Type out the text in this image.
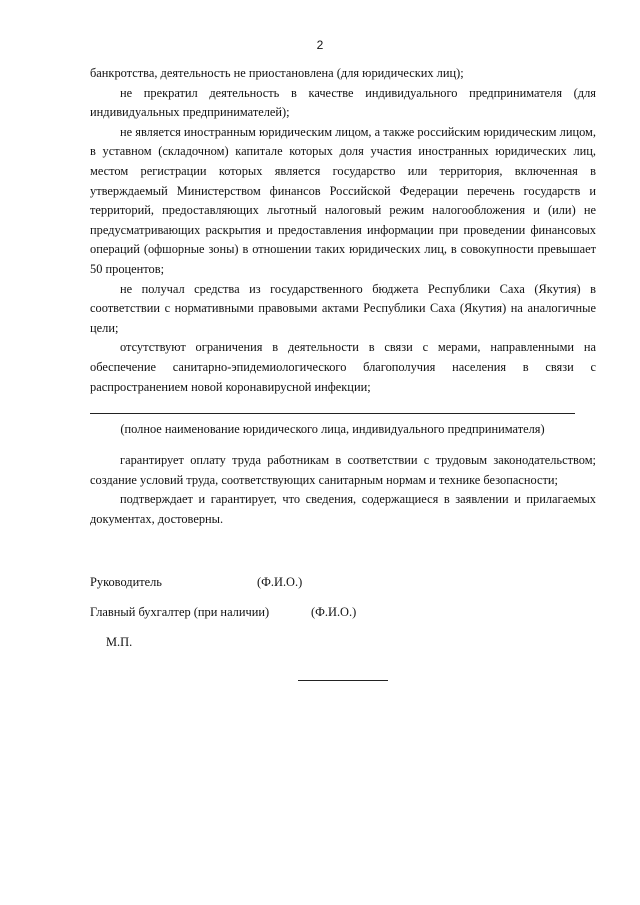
2

банкротства, деятельность не приостановлена (для юридических лиц);

не прекратил деятельность в качестве индивидуального предпринимателя (для индивидуальных предпринимателей);

не является иностранным юридическим лицом, а также российским юридическим лицом, в уставном (складочном) капитале которых доля участия иностранных юридических лиц, местом регистрации которых является государство или территория, включенная в утверждаемый Министерством финансов Российской Федерации перечень государств и территорий, предоставляющих льготный налоговый режим налогообложения и (или) не предусматривающих раскрытия и предоставления информации при проведении финансовых операций (офшорные зоны) в отношении таких юридических лиц, в совокупности превышает 50 процентов;

не получал средства из государственного бюджета Республики Саха (Якутия) в соответствии с нормативными правовыми актами Республики Саха (Якутия) на аналогичные цели;

отсутствуют ограничения в деятельности в связи с мерами, направленными на обеспечение санитарно-эпидемиологического благополучия населения в связи с распространением новой коронавирусной инфекции;

(полное наименование юридического лица, индивидуального предпринимателя)

гарантирует оплату труда работникам в соответствии с трудовым законодательством; создание условий труда, соответствующих санитарным нормам и технике безопасности;

подтверждает и гарантирует, что сведения, содержащиеся в заявлении и прилагаемых документах, достоверны.

Руководитель	(Ф.И.О.)
Главный бухгалтер (при наличии)	(Ф.И.О.)
М.П.
